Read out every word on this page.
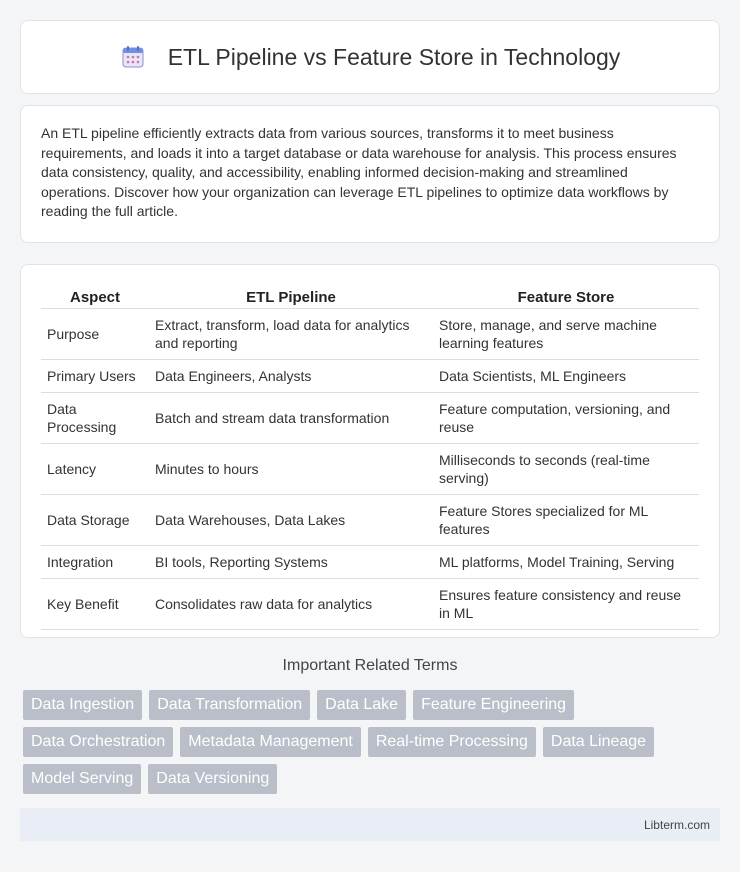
ETL Pipeline vs Feature Store in Technology

An ETL pipeline efficiently extracts data from various sources, transforms it to meet business requirements, and loads it into a target database or data warehouse for analysis. This process ensures data consistency, quality, and accessibility, enabling informed decision-making and streamlined operations. Discover how your organization can leverage ETL pipelines to optimize data workflows by reading the full article.

Aspect	ETL Pipeline	Feature Store
Purpose	Extract, transform, load data for analytics and reporting	Store, manage, and serve machine learning features
Primary Users	Data Engineers, Analysts	Data Scientists, ML Engineers
Data Processing	Batch and stream data transformation	Feature computation, versioning, and reuse
Latency	Minutes to hours	Milliseconds to seconds (real-time serving)
Data Storage	Data Warehouses, Data Lakes	Feature Stores specialized for ML features
Integration	BI tools, Reporting Systems	ML platforms, Model Training, Serving
Key Benefit	Consolidates raw data for analytics	Ensures feature consistency and reuse in ML
Important Related Terms
Data Ingestion	Data Transformation	Data Lake	Feature Engineering
Data Orchestration	Metadata Management	Real-time Processing	Data Lineage
Model Serving	Data Versioning
Libterm.com
